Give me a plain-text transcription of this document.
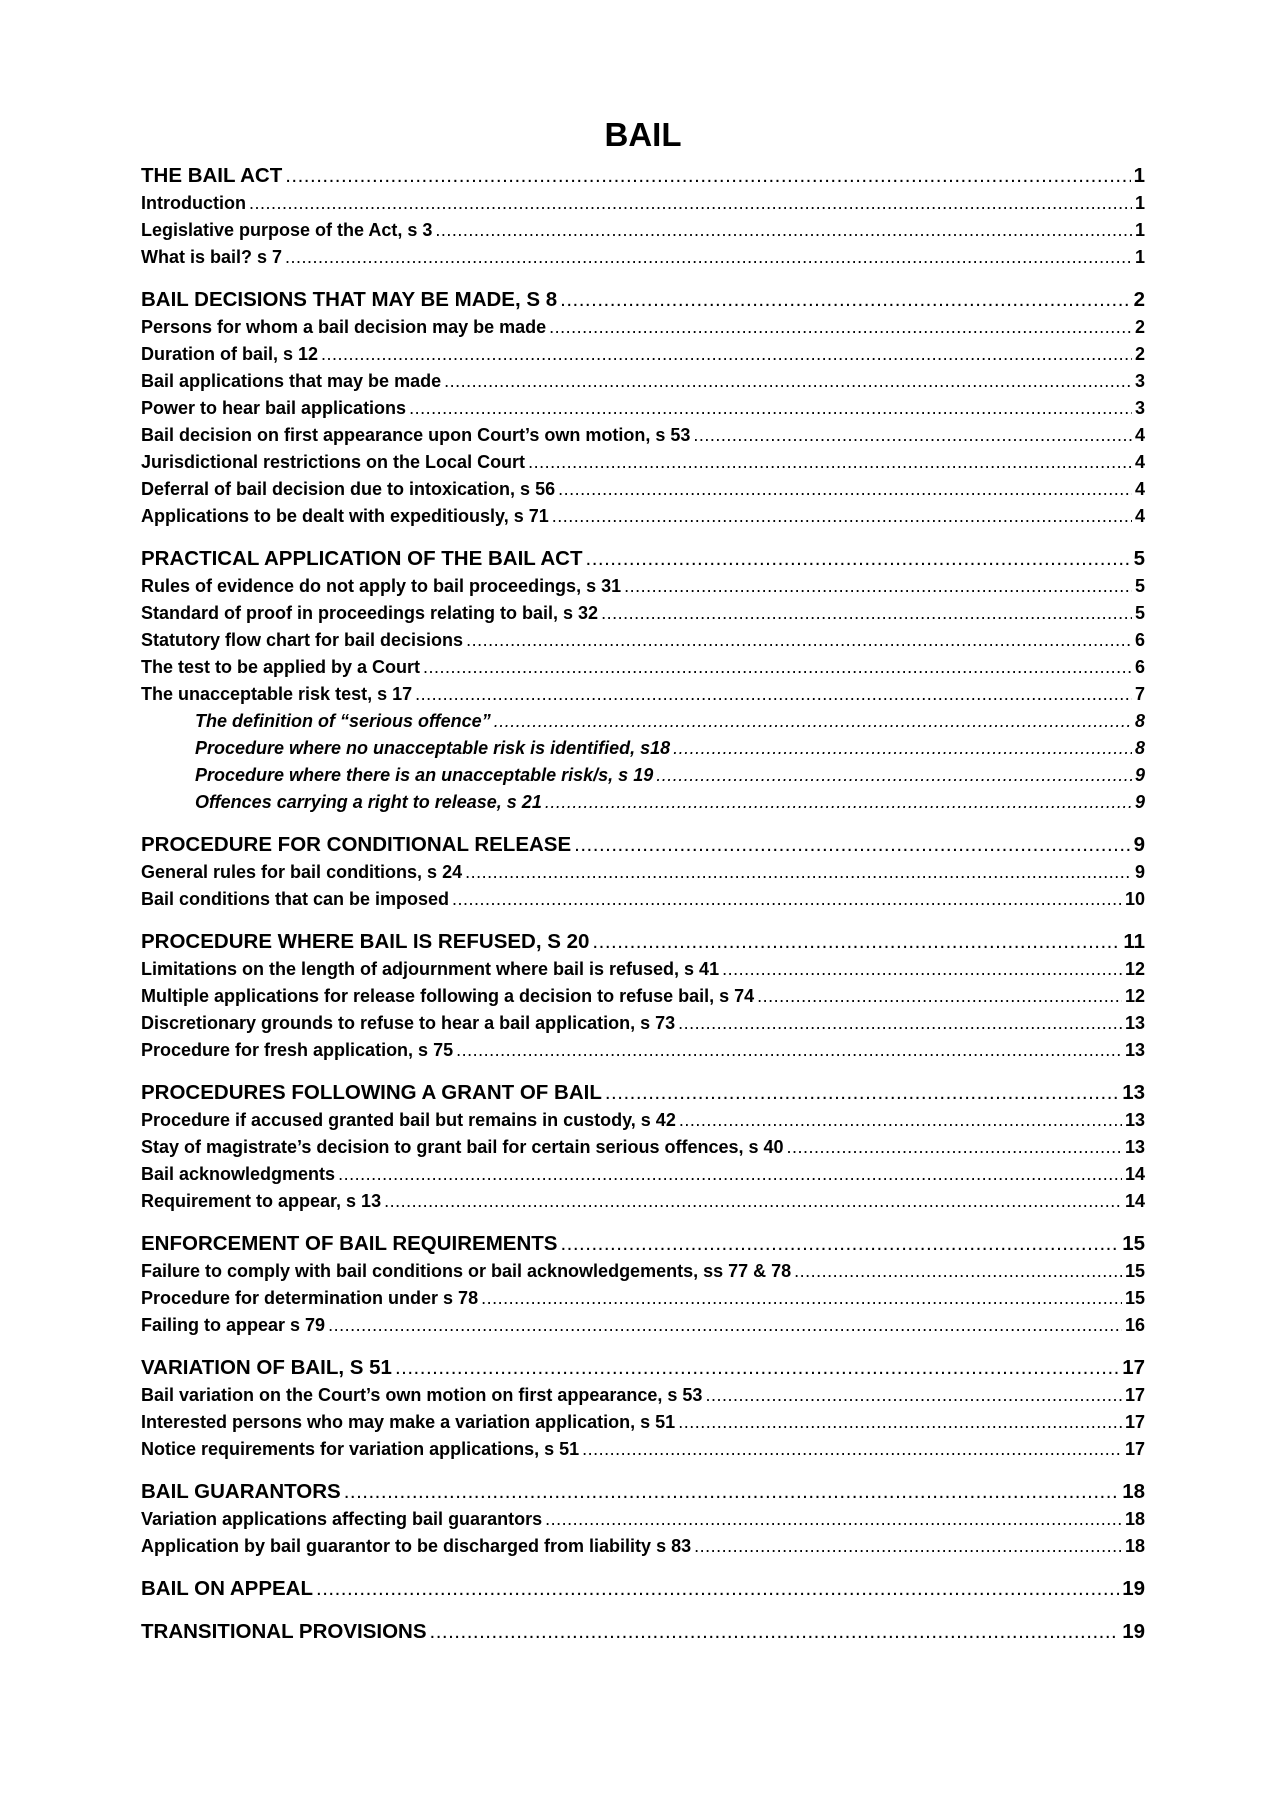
BAIL
THE BAIL ACT .....	1
Introduction .....	1
Legislative purpose of the Act, s 3 .....	1
What is bail? s 7 .....	1
BAIL DECISIONS THAT MAY BE MADE, S 8 .....	2
Persons for whom a bail decision may be made .....	2
Duration of bail, s 12 .....	2
Bail applications that may be made .....	3
Power to hear bail applications .....	3
Bail decision on first appearance upon Court’s own motion, s 53 .....	4
Jurisdictional restrictions on the Local Court .....	4
Deferral of bail decision due to intoxication, s 56 .....	4
Applications to be dealt with expeditiously, s 71 .....	4
PRACTICAL APPLICATION OF THE BAIL ACT .....	5
Rules of evidence do not apply to bail proceedings, s 31 .....	5
Standard of proof in proceedings relating to bail, s 32 .....	5
Statutory flow chart for bail decisions .....	6
The test to be applied by a Court .....	6
The unacceptable risk test, s 17 .....	7
The definition of “serious offence” .....	8
Procedure where no unacceptable risk is identified, s18 .....	8
Procedure where there is an unacceptable risk/s, s 19 .....	9
Offences carrying a right to release, s 21 .....	9
PROCEDURE FOR CONDITIONAL RELEASE .....	9
General rules for bail conditions, s 24 .....	9
Bail conditions that can be imposed .....	10
PROCEDURE WHERE BAIL IS REFUSED, S 20 .....	11
Limitations on the length of adjournment where bail is refused, s 41 .....	12
Multiple applications for release following a decision to refuse bail, s 74 .....	12
Discretionary grounds to refuse to hear a bail application, s 73 .....	13
Procedure for fresh application, s 75 .....	13
PROCEDURES FOLLOWING A GRANT OF BAIL .....	13
Procedure if accused granted bail but remains in custody, s 42 .....	13
Stay of magistrate’s decision to grant bail for certain serious offences, s 40 .....	13
Bail acknowledgments .....	14
Requirement to appear, s 13 .....	14
ENFORCEMENT OF BAIL REQUIREMENTS .....	15
Failure to comply with bail conditions or bail acknowledgements, ss 77 & 78 .....	15
Procedure for determination under s 78 .....	15
Failing to appear s 79 .....	16
VARIATION OF BAIL, S 51 .....	17
Bail variation on the Court’s own motion on first appearance, s 53 .....	17
Interested persons who may make a variation application, s 51 .....	17
Notice requirements for variation applications, s 51 .....	17
BAIL GUARANTORS .....	18
Variation applications affecting bail guarantors .....	18
Application by bail guarantor to be discharged from liability s 83 .....	18
BAIL ON APPEAL .....	19
TRANSITIONAL PROVISIONS .....	19
